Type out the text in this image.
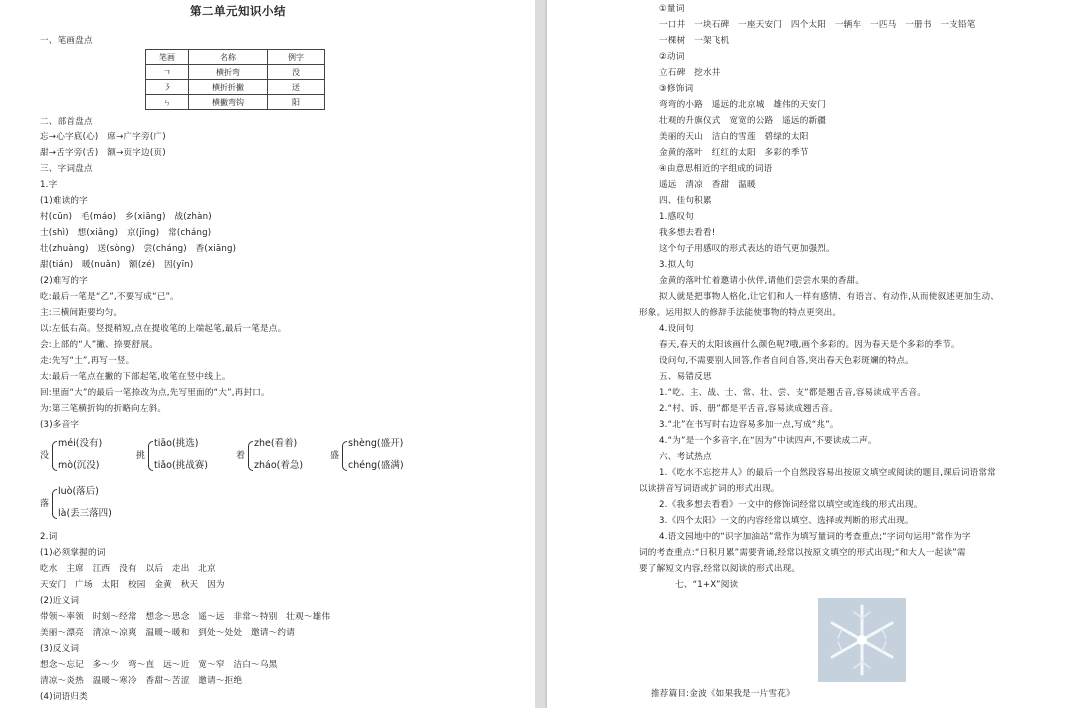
第二单元知识小结
一、笔画盘点
笔画	名称	例字
ㄱ	横折弯	没
㇋	横折折撇	送
ㄣ	横撇弯钩	阳
二、部首盘点
忘→心字底(心)　席→广字旁(广)
甜→舌字旁(舌)　额→页字边(页)
三、字词盘点
1.字
(1)难读的字
村(cūn)　毛(máo)　乡(xiāng)　战(zhàn)
士(shì)　想(xiǎng)　京(jīng)　常(cháng)
壮(zhuàng)　送(sòng)　尝(cháng)　香(xiāng)
甜(tián)　暖(nuǎn)　额(zé)　因(yīn)
(2)难写的字
吃:最后一笔是“乙”,不要写成“已”。
主:三横间距要均匀。
以:左低右高。竖提稍短,点在提收笔的上端起笔,最后一笔是点。
会:上部的“人”撇、捺要舒展。
走:先写“土”,再写一竖。
太:最后一笔点在撇的下部起笔,收笔在竖中线上。
回:里面“大”的最后一笔捺改为点,先写里面的“大”,再封口。
为:第三笔横折钩的折略向左斜。
(3)多音字
没
méi(没有)
mò(沉没)
挑
tiāo(挑选)
tiǎo(挑战赛)
着
zhe(看着)
zháo(着急)
盛
shèng(盛开)
chéng(盛满)
落
luò(落后)
là(丢三落四)
2.词
(1)必须掌握的词
吃水　主席　江西　没有　以后　走出　北京
天安门　广场　太阳　校园　金黄　秋天　因为
(2)近义词
带领～率领　时刻～经常　想念～思念　遥～远　非常～特别　壮观～雄伟
美丽～漂亮　清凉～凉爽　温暖～暖和　到处～处处　邀请～约请
(3)反义词
想念～忘记　多～少　弯～直　远～近　宽～窄　洁白～乌黑
清凉～炎热　温暖～寒冷　香甜～苦涩　邀请～拒绝
(4)词语归类
①量词
一口井　一块石碑　一座天安门　四个太阳　一辆车　一匹马　一册书　一支铅笔
一棵树　一架飞机
②动词
立石碑　挖水井
③修饰词
弯弯的小路　遥远的北京城　雄伟的天安门
壮观的升旗仪式　宽宽的公路　遥远的新疆
美丽的天山　洁白的雪莲　碧绿的太阳
金黄的落叶　红红的太阳　多彩的季节
④由意思相近的字组成的词语
遥远　清凉　香甜　温暖
四、佳句积累
1.感叹句
我多想去看看!
这个句子用感叹的形式表达的语气更加强烈。
3.拟人句
金黄的落叶忙着邀请小伙伴,请他们尝尝水果的香甜。
拟人就是把事物人格化,让它们和人一样有感情、有语言、有动作,从而使叙述更加生动、
形象。运用拟人的修辞手法能使事物的特点更突出。
4.设问句
春天,春天的太阳该画什么颜色呢?哦,画个多彩的。因为春天是个多彩的季节。
设问句,不需要别人回答,作者自问自答,突出春天色彩斑斓的特点。
五、易错反思
1.“吃、主、战、士、常、壮、尝、支”都是翘舌音,容易读成平舌音。
2.“村、诉、册”都是平舌音,容易读成翘舌音。
3.“北”在书写时右边容易多加一点,写成“兆”。
4.“为”是一个多音字,在“因为”中读四声,不要读成二声。
六、考试热点
1.《吃水不忘挖井人》的最后一个自然段容易出按原文填空或阅读的题目,课后词语常常
以读拼音写词语或扩词的形式出现。
2.《我多想去看看》一文中的修饰词经常以填空或连线的形式出现。
3.《四个太阳》一文的内容经常以填空、选择或判断的形式出现。
4.语文园地中的“识字加油站”常作为填写量词的考查重点;“字词句运用”常作为字
词的考查重点:“日积月累”需要背诵,经常以按原文填空的形式出现;“和大人一起读”需
要了解短文内容,经常以阅读的形式出现。
七、“1+X”阅读
推荐篇目:金波《如果我是一片雪花》
